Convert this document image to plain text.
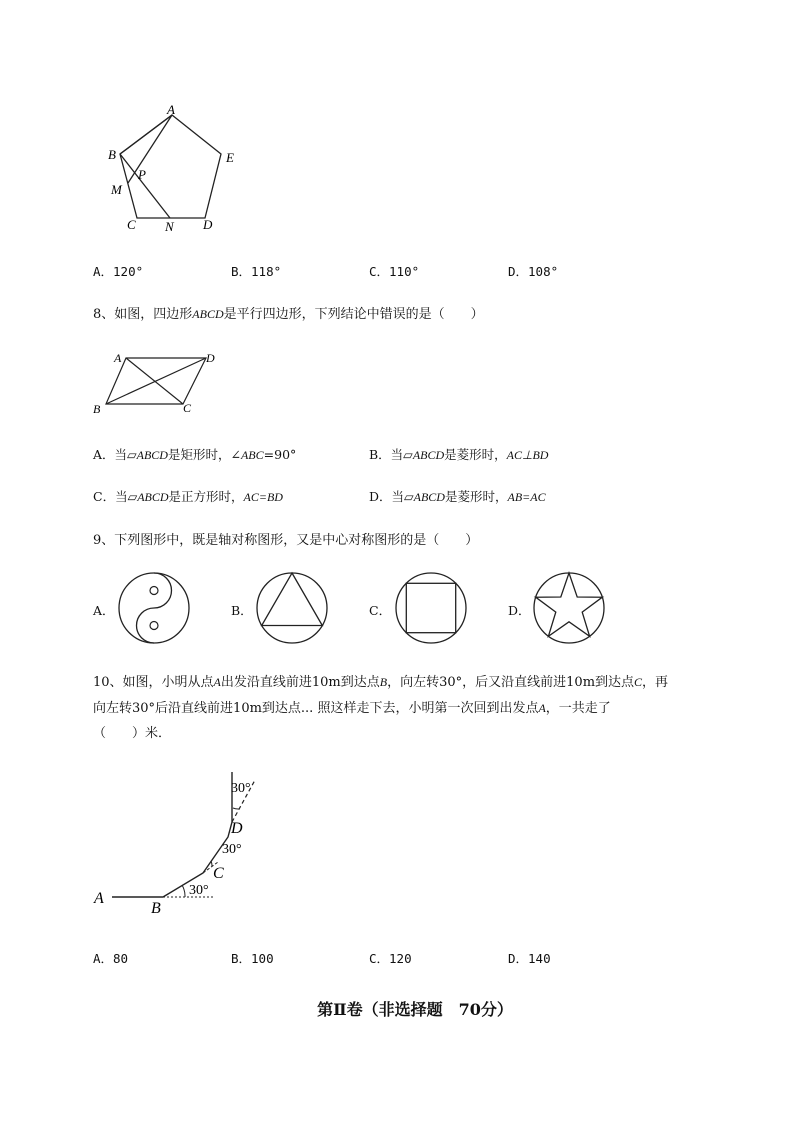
A
B	E
M
P
C N D
A．120°	B．118°	C．110°	D．108°
8、如图，四边形ABCD是平行四边形，下列结论中错误的是（　　）
A	D
B	C
A．当▱ABCD是矩形时，∠ABC=90°	B．当▱ABCD是菱形时，AC⊥BD
C．当▱ABCD是正方形时，AC=BD	D．当▱ABCD是菱形时，AB=AC
9、下列图形中，既是轴对称图形，又是中心对称图形的是（　　）
A．	B．	C．	D．
10、如图，小明从点A出发沿直线前进10m到达点B，向左转30°，后又沿直线前进10m到达点C，再
向左转30°后沿直线前进10m到达点... 照这样走下去，小明第一次回到出发点A，一共走了
（　　）米．
A
B
C
D
30°
30°
30°
A．80	B．100	C．120	D．140
第Ⅱ卷（非选择题　70分）
